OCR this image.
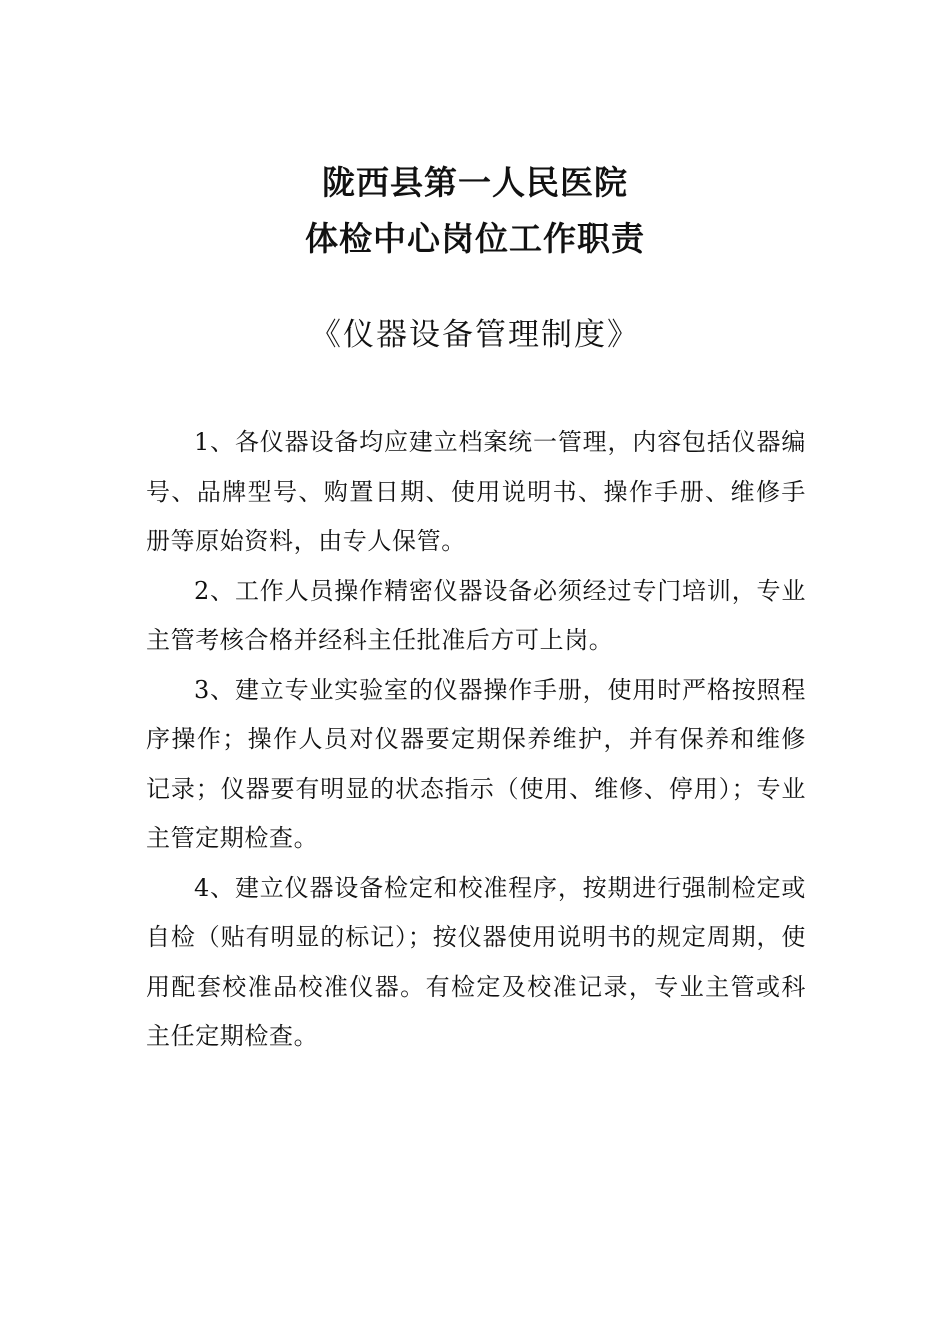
陇西县第一人民医院
体检中心岗位工作职责
《仪器设备管理制度》

1、各仪器设备均应建立档案统一管理，内容包括仪器编号、品牌型号、购置日期、使用说明书、操作手册、维修手册等原始资料，由专人保管。

2、工作人员操作精密仪器设备必须经过专门培训，专业主管考核合格并经科主任批准后方可上岗。

3、建立专业实验室的仪器操作手册，使用时严格按照程序操作；操作人员对仪器要定期保养维护，并有保养和维修记录；仪器要有明显的状态指示（使用、维修、停用）；专业主管定期检查。

4、建立仪器设备检定和校准程序，按期进行强制检定或自检（贴有明显的标记）；按仪器使用说明书的规定周期，使用配套校准品校准仪器。有检定及校准记录，专业主管或科主任定期检查。
